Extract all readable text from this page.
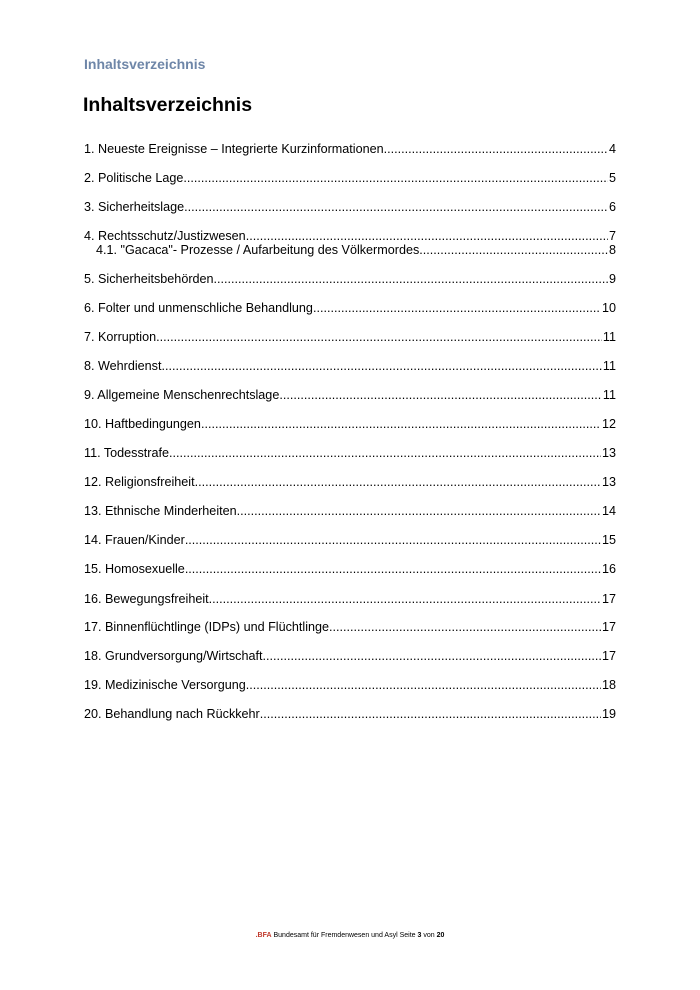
Inhaltsverzeichnis
Inhaltsverzeichnis
1. Neueste Ereignisse – Integrierte Kurzinformationen .....	4
2. Politische Lage .....	5
3. Sicherheitslage .....	6
4. Rechtsschutz/Justizwesen .....	7
4.1. "Gacaca"- Prozesse / Aufarbeitung des Völkermordes .....	8
5. Sicherheitsbehörden .....	9
6. Folter und unmenschliche Behandlung .....	10
7. Korruption .....	11
8. Wehrdienst .....	11
9. Allgemeine Menschenrechtslage .....	11
10. Haftbedingungen .....	12
11. Todesstrafe .....	13
12. Religionsfreiheit .....	13
13. Ethnische Minderheiten .....	14
14. Frauen/Kinder .....	15
15. Homosexuelle .....	16
16. Bewegungsfreiheit .....	17
17. Binnenflüchtlinge (IDPs) und Flüchtlinge .....	17
18. Grundversorgung/Wirtschaft .....	17
19. Medizinische Versorgung .....	18
20. Behandlung nach Rückkehr .....	19
.BFA Bundesamt für Fremdenwesen und Asyl Seite 3 von 20
